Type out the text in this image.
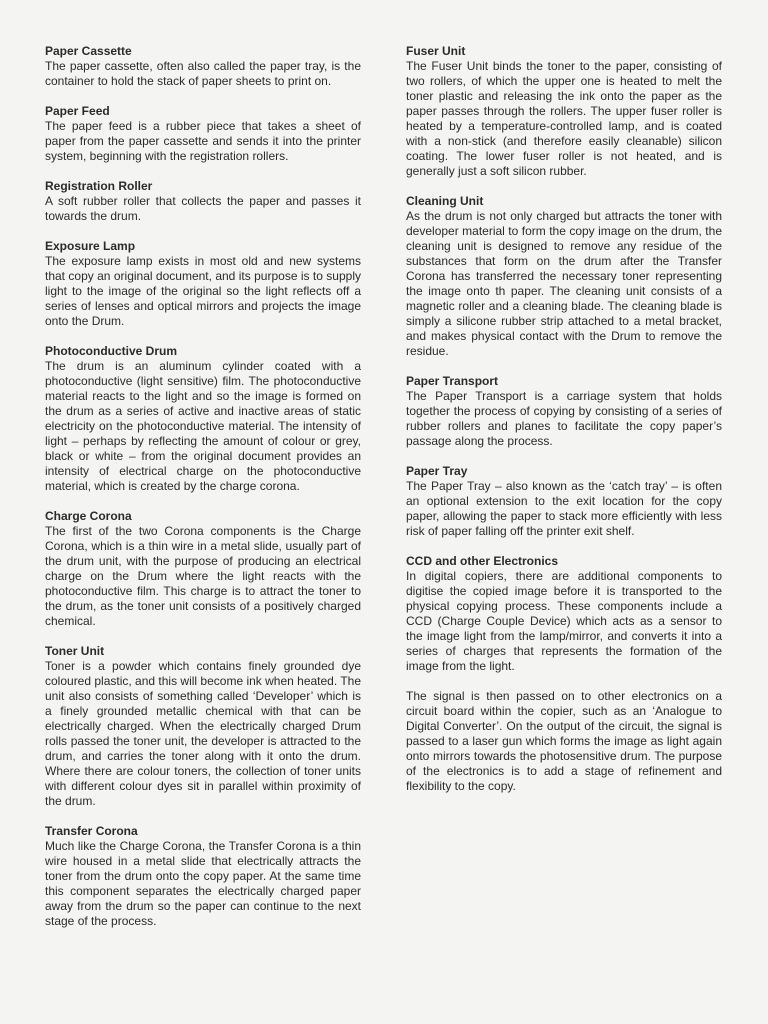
Paper Cassette

The paper cassette, often also called the paper tray, is the container to hold the stack of paper sheets to print on.

Paper Feed

The paper feed is a rubber piece that takes a sheet of paper from the paper cassette and sends it into the printer system, beginning with the registration rollers.

Registration Roller

A soft rubber roller that collects the paper and passes it towards the drum.

Exposure Lamp

The exposure lamp exists in most old and new systems that copy an original document, and its purpose is to supply light to the image of the original so the light reflects off a series of lenses and optical mirrors and projects the image onto the Drum.

Photoconductive Drum

The drum is an aluminum cylinder coated with a photoconductive (light sensitive) film. The photoconductive material reacts to the light and so the image is formed on the drum as a series of active and inactive areas of static electricity on the photoconductive material. The intensity of light – perhaps by reflecting the amount of colour or grey, black or white – from the original document provides an intensity of electrical charge on the photoconductive material, which is created by the charge corona.

Charge Corona

The first of the two Corona components is the Charge Corona, which is a thin wire in a metal slide, usually part of the drum unit, with the purpose of producing an electrical charge on the Drum where the light reacts with the photoconductive film. This charge is to attract the toner to the drum, as the toner unit consists of a positively charged chemical.

Toner Unit

Toner is a powder which contains finely grounded dye coloured plastic, and this will become ink when heated. The unit also consists of something called ‘Developer’ which is a finely grounded metallic chemical with that can be electrically charged. When the electrically charged Drum rolls passed the toner unit, the developer is attracted to the drum, and carries the toner along with it onto the drum. Where there are colour toners, the collection of toner units with different colour dyes sit in parallel within proximity of the drum.

Transfer Corona

Much like the Charge Corona, the Transfer Corona is a thin wire housed in a metal slide that electrically attracts the toner from the drum onto the copy paper. At the same time this component separates the electrically charged paper away from the drum so the paper can continue to the next stage of the process.

Fuser Unit

The Fuser Unit binds the toner to the paper, consisting of two rollers, of which the upper one is heated to melt the toner plastic and releasing the ink onto the paper as the paper passes through the rollers. The upper fuser roller is heated by a temperature-controlled lamp, and is coated with a non-stick (and therefore easily cleanable) silicon coating. The lower fuser roller is not heated, and is generally just a soft silicon rubber.

Cleaning Unit

As the drum is not only charged but attracts the toner with developer material to form the copy image on the drum, the cleaning unit is designed to remove any residue of the substances that form on the drum after the Transfer Corona has transferred the necessary toner representing the image onto th paper. The cleaning unit consists of a magnetic roller and a cleaning blade. The cleaning blade is simply a silicone rubber strip attached to a metal bracket, and makes physical contact with the Drum to remove the residue.

Paper Transport

The Paper Transport is a carriage system that holds together the process of copying by consisting of a series of rubber rollers and planes to facilitate the copy paper’s passage along the process.

Paper Tray

The Paper Tray – also known as the ‘catch tray’ – is often an optional extension to the exit location for the copy paper, allowing the paper to stack more efficiently with less risk of paper falling off the printer exit shelf.

CCD and other Electronics

In digital copiers, there are additional components to digitise the copied image before it is transported to the physical copying process. These components include a CCD (Charge Couple Device) which acts as a sensor to the image light from the lamp/mirror, and converts it into a series of charges that represents the formation of the image from the light.

The signal is then passed on to other electronics on a circuit board within the copier, such as an ‘Analogue to Digital Converter’. On the output of the circuit, the signal is passed to a laser gun which forms the image as light again onto mirrors towards the photosensitive drum. The purpose of the electronics is to add a stage of refinement and flexibility to the copy.
